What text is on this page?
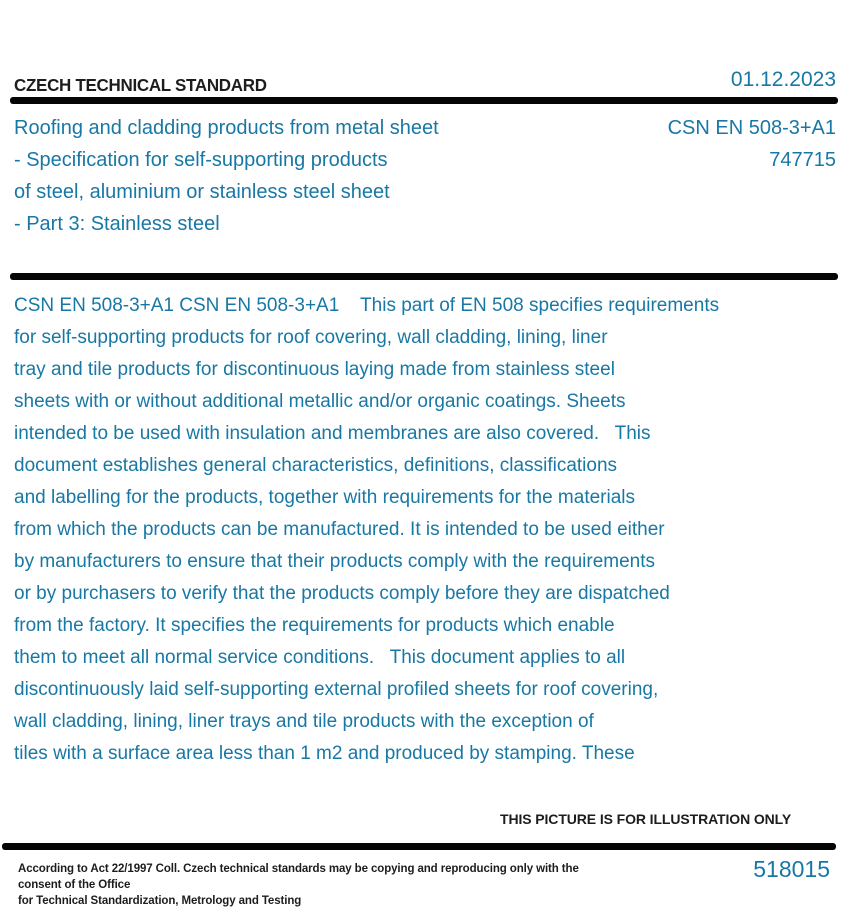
CZECH TECHNICAL STANDARD	01.12.2023
Roofing and cladding products from metal sheet
- Specification for self-supporting products
of steel, aluminium or stainless steel sheet
- Part 3: Stainless steel
CSN EN 508-3+A1
747715
CSN EN 508-3+A1 CSN EN 508-3+A1    This part of EN 508 specifies requirements
for self-supporting products for roof covering, wall cladding, lining, liner
tray and tile products for discontinuous laying made from stainless steel
sheets with or without additional metallic and/or organic coatings. Sheets
intended to be used with insulation and membranes are also covered.   This
document establishes general characteristics, definitions, classifications
and labelling for the products, together with requirements for the materials
from which the products can be manufactured. It is intended to be used either
by manufacturers to ensure that their products comply with the requirements
or by purchasers to verify that the products comply before they are dispatched
from the factory. It specifies the requirements for products which enable
them to meet all normal service conditions.   This document applies to all
discontinuously laid self-supporting external profiled sheets for roof covering,
wall cladding, lining, liner trays and tile products with the exception of
tiles with a surface area less than 1 m2 and produced by stamping. These
THIS PICTURE IS FOR ILLUSTRATION ONLY
According to Act 22/1997 Coll. Czech technical standards may be copying and reproducing only with the consent of the Office
for Technical Standardization, Metrology and Testing
518015
